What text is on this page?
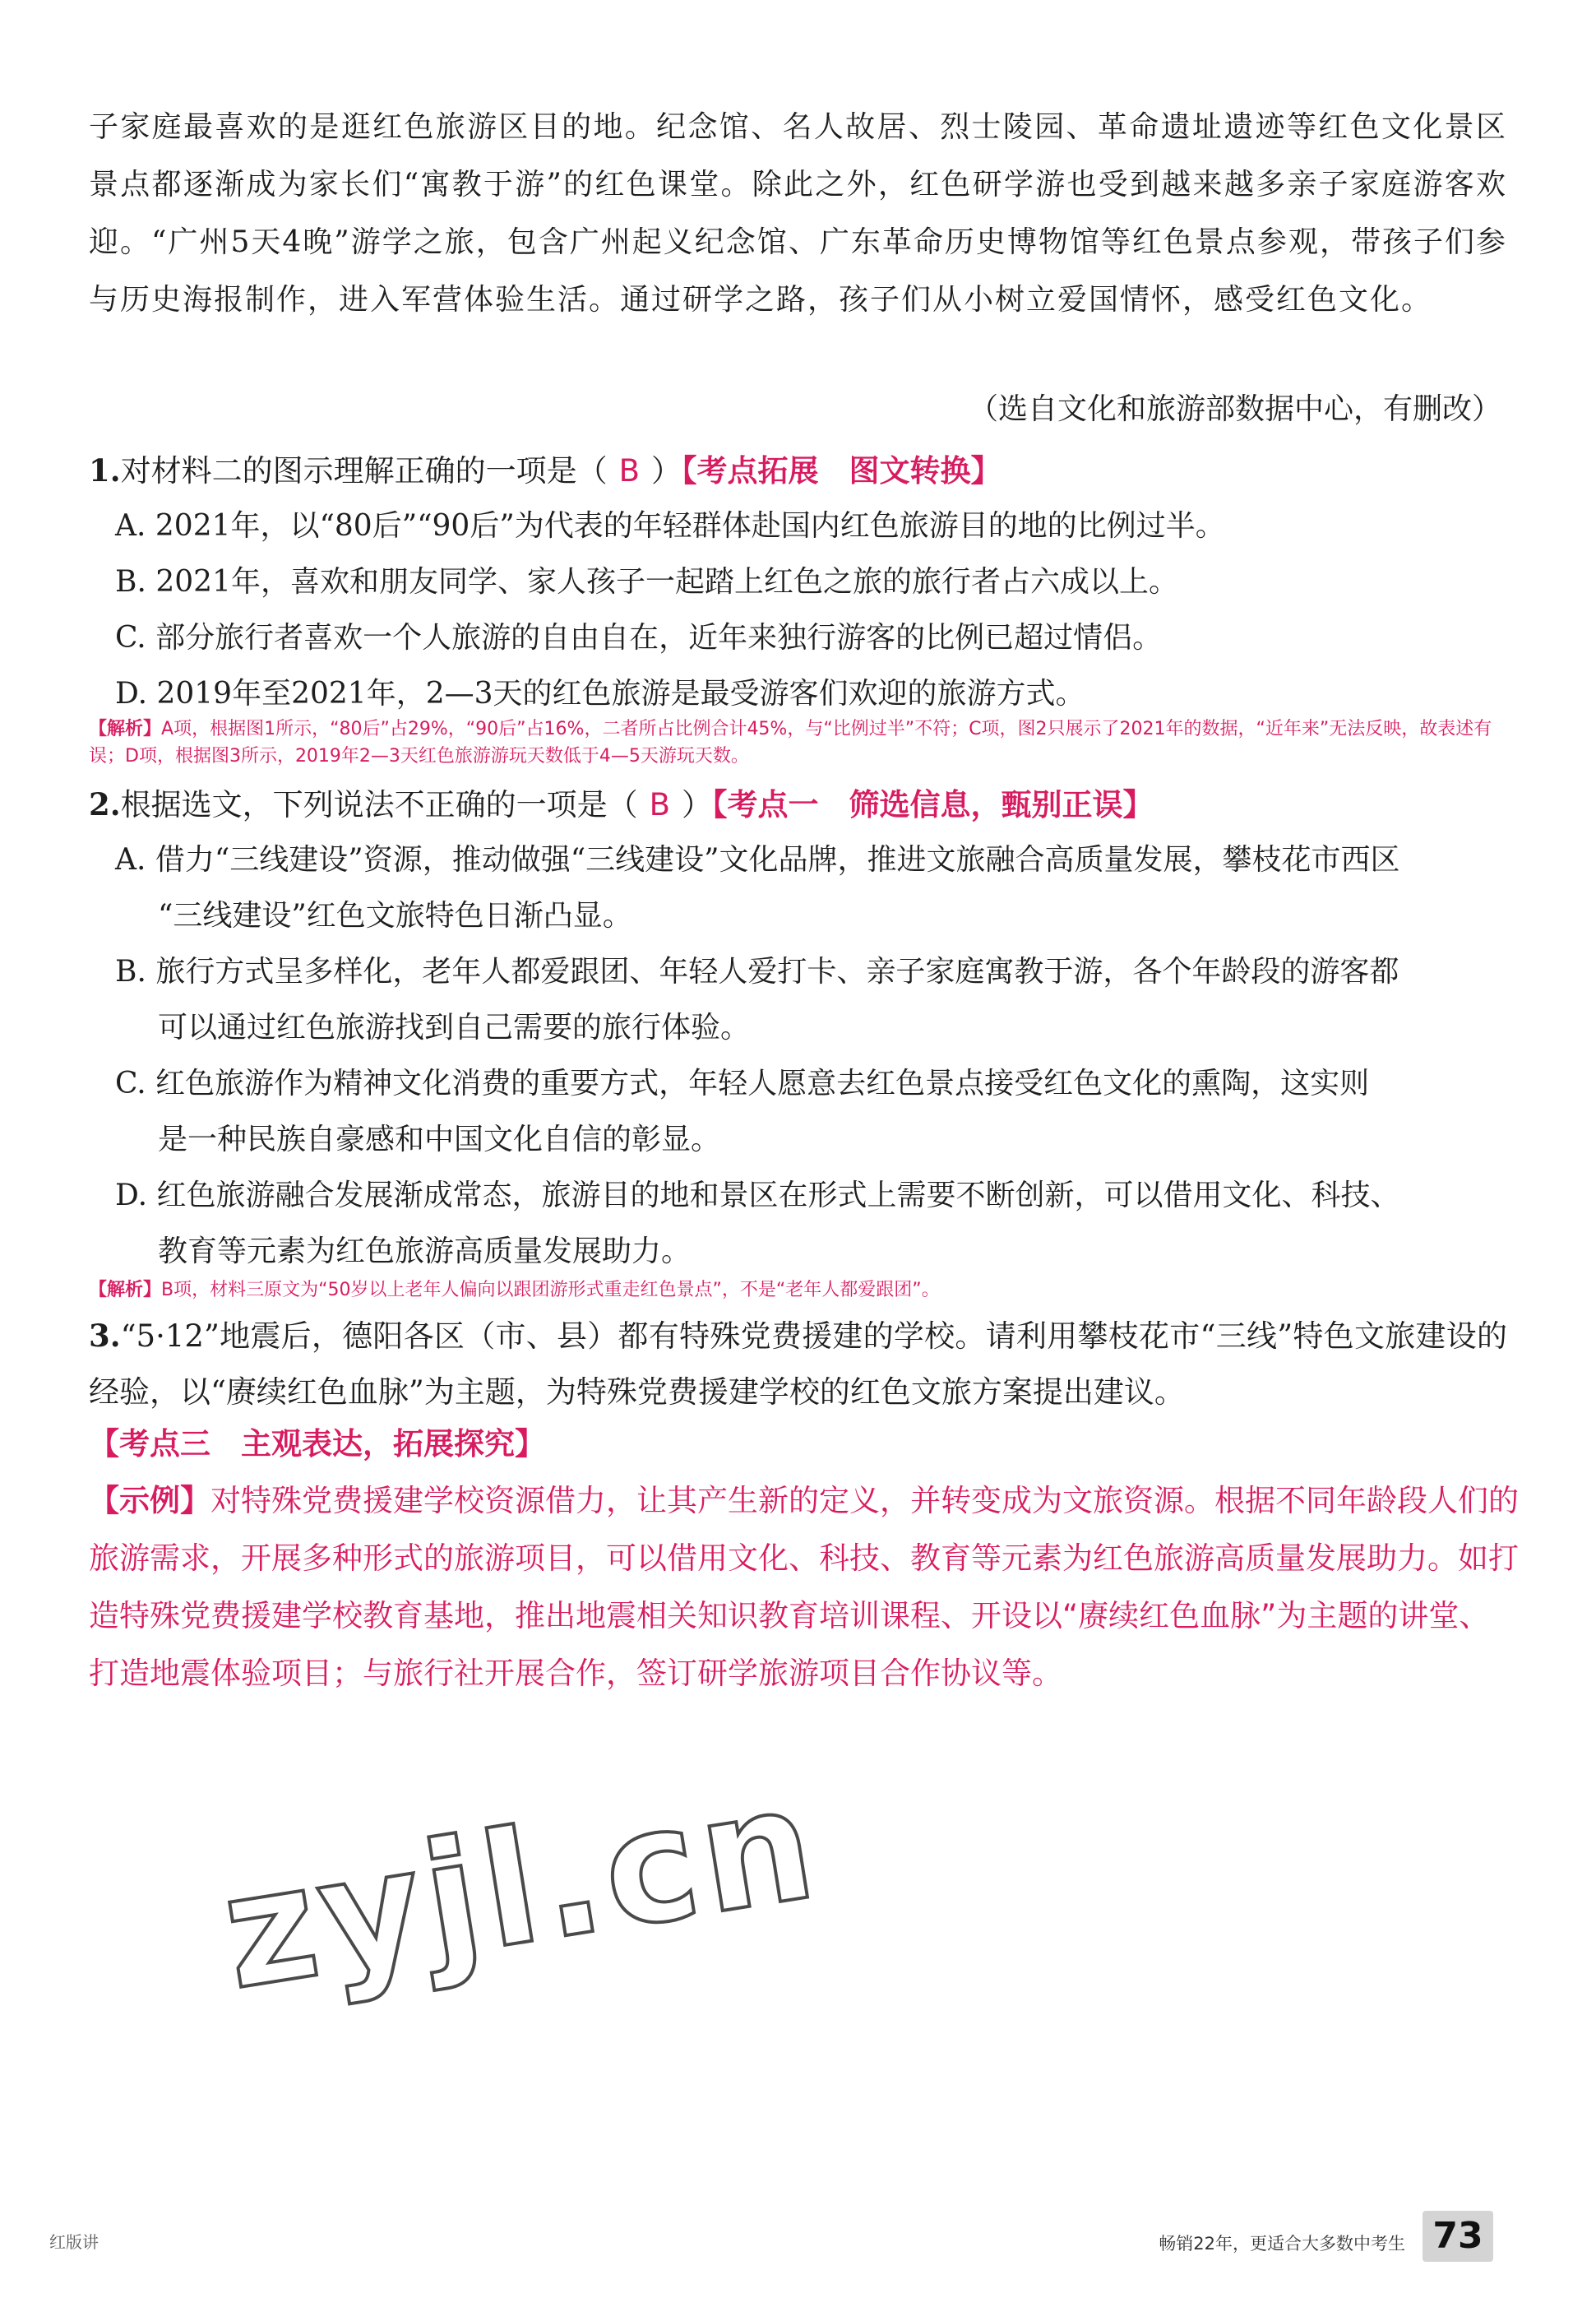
子家庭最喜欢的是逛红色旅游区目的地。纪念馆、名人故居、烈士陵园、革命遗址遗迹等红色文化景区景点都逐渐成为家长们“寓教于游”的红色课堂。除此之外，红色研学游也受到越来越多亲子家庭游客欢迎。“广州5天4晚”游学之旅，包含广州起义纪念馆、广东革命历史博物馆等红色景点参观，带孩子们参与历史海报制作，进入军营体验生活。通过研学之路，孩子们从小树立爱国情怀，感受红色文化。
（选自文化和旅游部数据中心，有删改）
1.对材料二的图示理解正确的一项是（ B ）【考点拓展　图文转换】
A. 2021年，以“80后”“90后”为代表的年轻群体赴国内红色旅游目的地的比例过半。
B. 2021年，喜欢和朋友同学、家人孩子一起踏上红色之旅的旅行者占六成以上。
C. 部分旅行者喜欢一个人旅游的自由自在，近年来独行游客的比例已超过情侣。
D. 2019年至2021年，2—3天的红色旅游是最受游客们欢迎的旅游方式。
【解析】A项，根据图1所示，“80后”占29%，“90后”占16%，二者所占比例合计45%，与“比例过半”不符；C项，图2只展示了2021年的数据，“近年来”无法反映，故表述有误；D项，根据图3所示，2019年2—3天红色旅游游玩天数低于4—5天游玩天数。
2.根据选文，下列说法不正确的一项是（ B ）【考点一　筛选信息，甄别正误】
A. 借力“三线建设”资源，推动做强“三线建设”文化品牌，推进文旅融合高质量发展，攀枝花市西区
“三线建设”红色文旅特色日渐凸显。
B. 旅行方式呈多样化，老年人都爱跟团、年轻人爱打卡、亲子家庭寓教于游，各个年龄段的游客都
可以通过红色旅游找到自己需要的旅行体验。
C. 红色旅游作为精神文化消费的重要方式，年轻人愿意去红色景点接受红色文化的熏陶，这实则
是一种民族自豪感和中国文化自信的彰显。
D. 红色旅游融合发展渐成常态，旅游目的地和景区在形式上需要不断创新，可以借用文化、科技、
教育等元素为红色旅游高质量发展助力。
【解析】B项，材料三原文为“50岁以上老年人偏向以跟团游形式重走红色景点”，不是“老年人都爱跟团”。
3.“5·12”地震后，德阳各区（市、县）都有特殊党费援建的学校。请利用攀枝花市“三线”特色文旅建设的经验，以“赓续红色血脉”为主题，为特殊党费援建学校的红色文旅方案提出建议。
【考点三　主观表达，拓展探究】
【示例】对特殊党费援建学校资源借力，让其产生新的定义，并转变成为文旅资源。根据不同年龄段人们的旅游需求，开展多种形式的旅游项目，可以借用文化、科技、教育等元素为红色旅游高质量发展助力。如打造特殊党费援建学校教育基地，推出地震相关知识教育培训课程、开设以“赓续红色血脉”为主题的讲堂、打造地震体验项目；与旅行社开展合作，签订研学旅游项目合作协议等。
zyjl.cn
红版讲	畅销22年，更适合大多数中考生 73
